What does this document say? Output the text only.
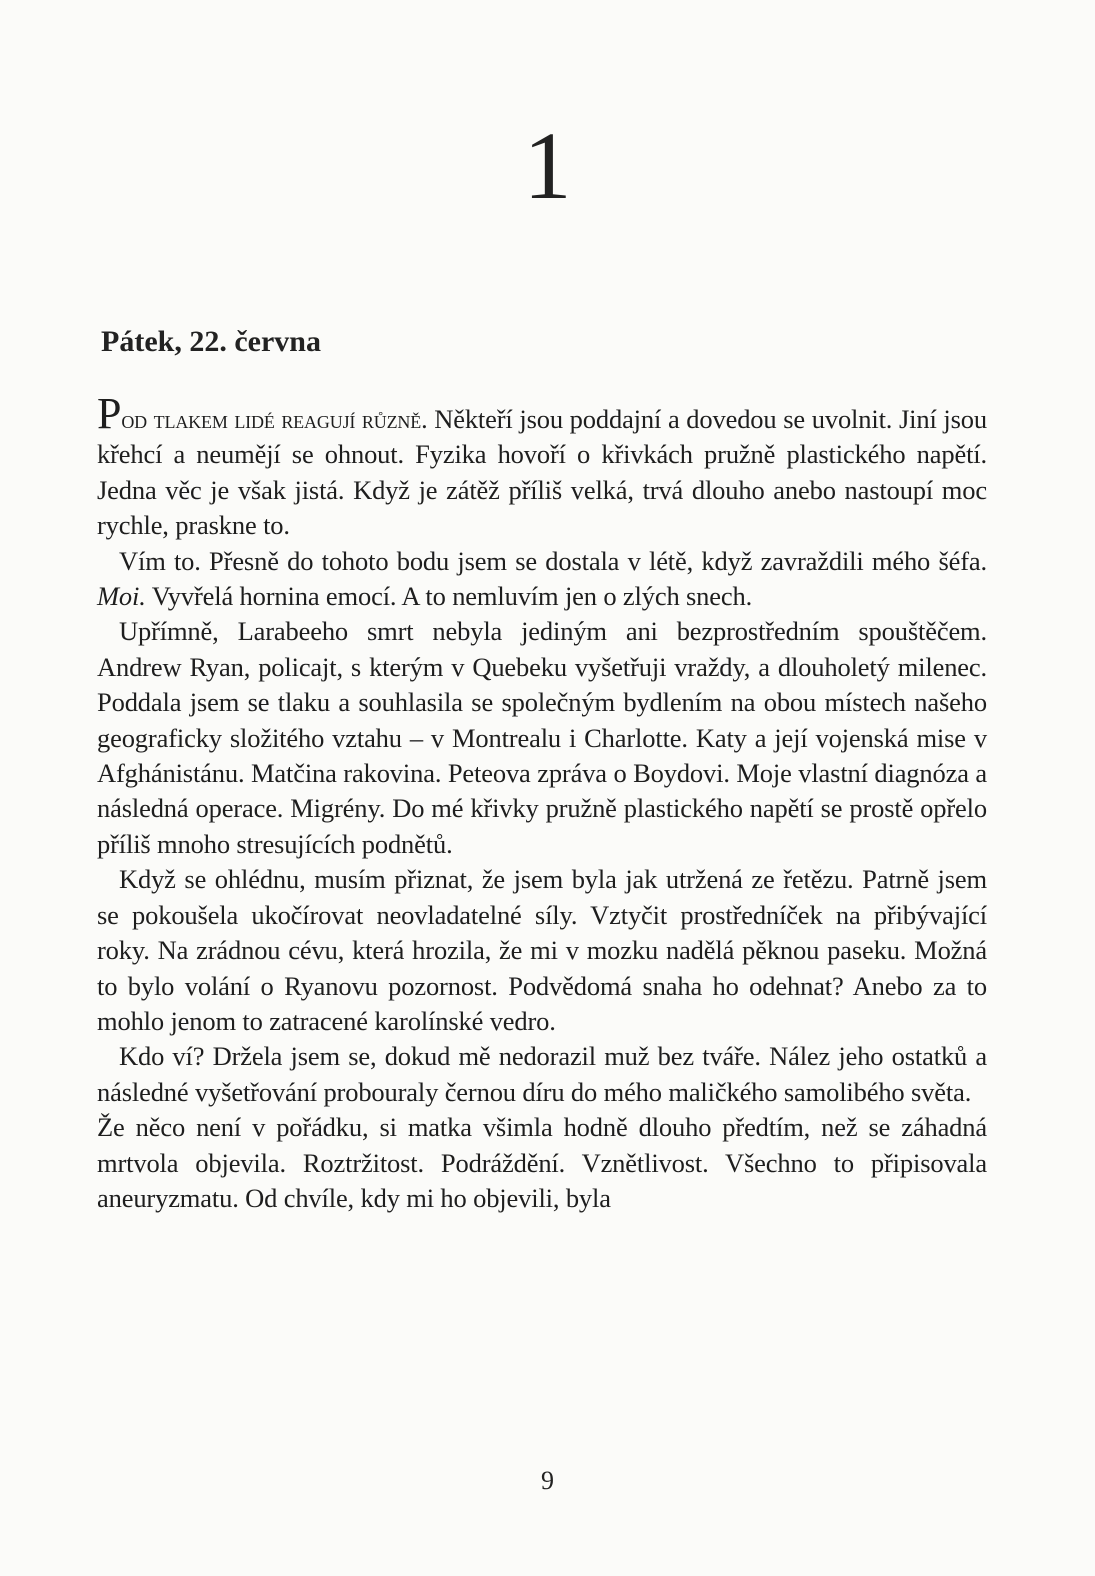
1
Pátek, 22. června

Pod tlakem lidé reagují různě. Někteří jsou poddajní a dovedou se uvolnit. Jiní jsou křehcí a neumějí se ohnout. Fyzika hovoří o křivkách pružně plastického napětí. Jedna věc je však jistá. Když je zátěž příliš velká, trvá dlouho anebo nastoupí moc rychle, praskne to.

Vím to. Přesně do tohoto bodu jsem se dostala v létě, když zavraždili mého šéfa. Moi. Vyvřelá hornina emocí. A to nemluvím jen o zlých snech.

Upřímně, Larabeeho smrt nebyla jediným ani bezprostředním spouštěčem. Andrew Ryan, policajt, s kterým v Quebeku vyšetřuji vraždy, a dlouholetý milenec. Poddala jsem se tlaku a souhlasila se společným bydlením na obou místech našeho geograficky složitého vztahu – v Montrealu i Charlotte. Katy a její vojenská mise v Afghánistánu. Matčina rakovina. Peteova zpráva o Boydovi. Moje vlastní diagnóza a následná operace. Migrény. Do mé křivky pružně plastického napětí se prostě opřelo příliš mnoho stresujících podnětů.

Když se ohlédnu, musím přiznat, že jsem byla jak utržená ze řetězu. Patrně jsem se pokoušela ukočírovat neovladatelné síly. Vztyčit prostředníček na přibývající roky. Na zrádnou cévu, která hrozila, že mi v mozku nadělá pěknou paseku. Možná to bylo volání o Ryanovu pozornost. Podvědomá snaha ho odehnat? Anebo za to mohlo jenom to zatracené karolínské vedro.

Kdo ví? Držela jsem se, dokud mě nedorazil muž bez tváře. Nález jeho ostatků a následné vyšetřování probouraly černou díru do mého maličkého samolibého světa.

Že něco není v pořádku, si matka všimla hodně dlouho předtím, než se záhadná mrtvola objevila. Roztržitost. Podráždění. Vznětlivost. Všechno to připisovala aneuryzmatu. Od chvíle, kdy mi ho objevili, byla

9
